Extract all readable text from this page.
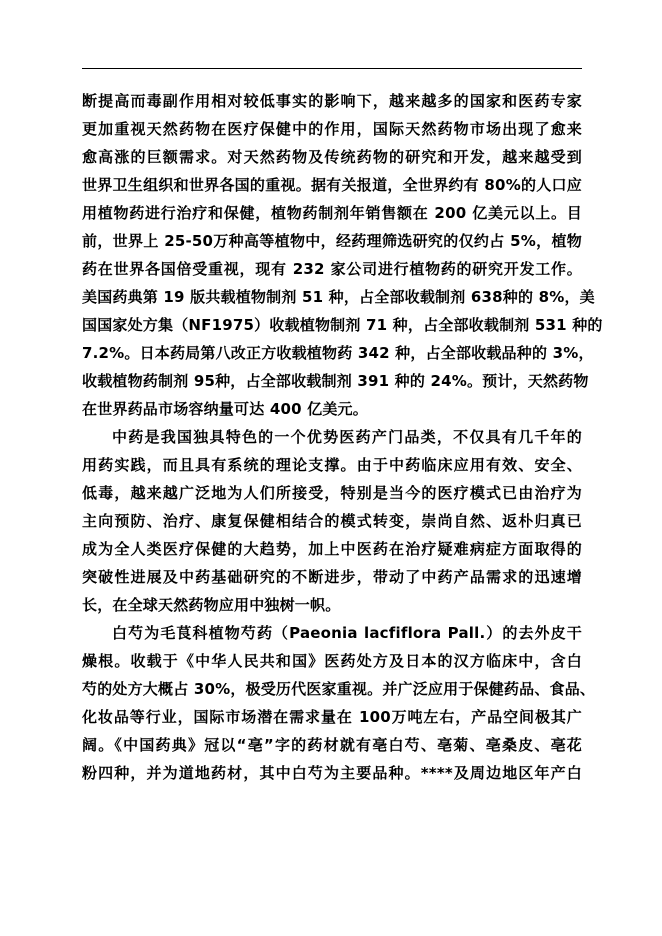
断提高而毒副作用相对较低事实的影响下，越来越多的国家和医药专家
更加重视天然药物在医疗保健中的作用，国际天然药物市场出现了愈来
愈高涨的巨额需求。对天然药物及传统药物的研究和开发，越来越受到
世界卫生组织和世界各国的重视。据有关报道，全世界约有 80%的人口应
用植物药进行治疗和保健，植物药制剂年销售额在 200 亿美元以上。目
前，世界上 25-50万种高等植物中，经药理筛选研究的仅约占 5%，植物
药在世界各国倍受重视，现有 232 家公司进行植物药的研究开发工作。
美国药典第 19 版共载植物制剂 51 种，占全部收载制剂 638种的 8%，美
国国家处方集（NF1975）收载植物制剂 71 种，占全部收载制剂 531 种的
7.2%。日本药局第八改正方收载植物药 342 种，占全部收载品种的 3%，
收载植物药制剂 95种，占全部收载制剂 391 种的 24%。预计，天然药物
在世界药品市场容纳量可达 400 亿美元。
中药是我国独具特色的一个优势医药产门品类，不仅具有几千年的
用药实践，而且具有系统的理论支撑。由于中药临床应用有效、安全、
低毒，越来越广泛地为人们所接受，特别是当今的医疗模式已由治疗为
主向预防、治疗、康复保健相结合的模式转变，崇尚自然、返朴归真已
成为全人类医疗保健的大趋势，加上中医药在治疗疑难病症方面取得的
突破性进展及中药基础研究的不断进步，带动了中药产品需求的迅速增
长，在全球天然药物应用中独树一帜。
白芍为毛茛科植物芍药（Paeonia lacfiflora Pall.）的去外皮干
燥根。收载于《中华人民共和国》医药处方及日本的汉方临床中，含白
芍的处方大概占 30%，极受历代医家重视。并广泛应用于保健药品、食品、
化妆品等行业，国际市场潜在需求量在 100万吨左右，产品空间极其广
阔。《中国药典》冠以“亳”字的药材就有亳白芍、亳菊、亳桑皮、亳花
粉四种，并为道地药材，其中白芍为主要品种。****及周边地区年产白
